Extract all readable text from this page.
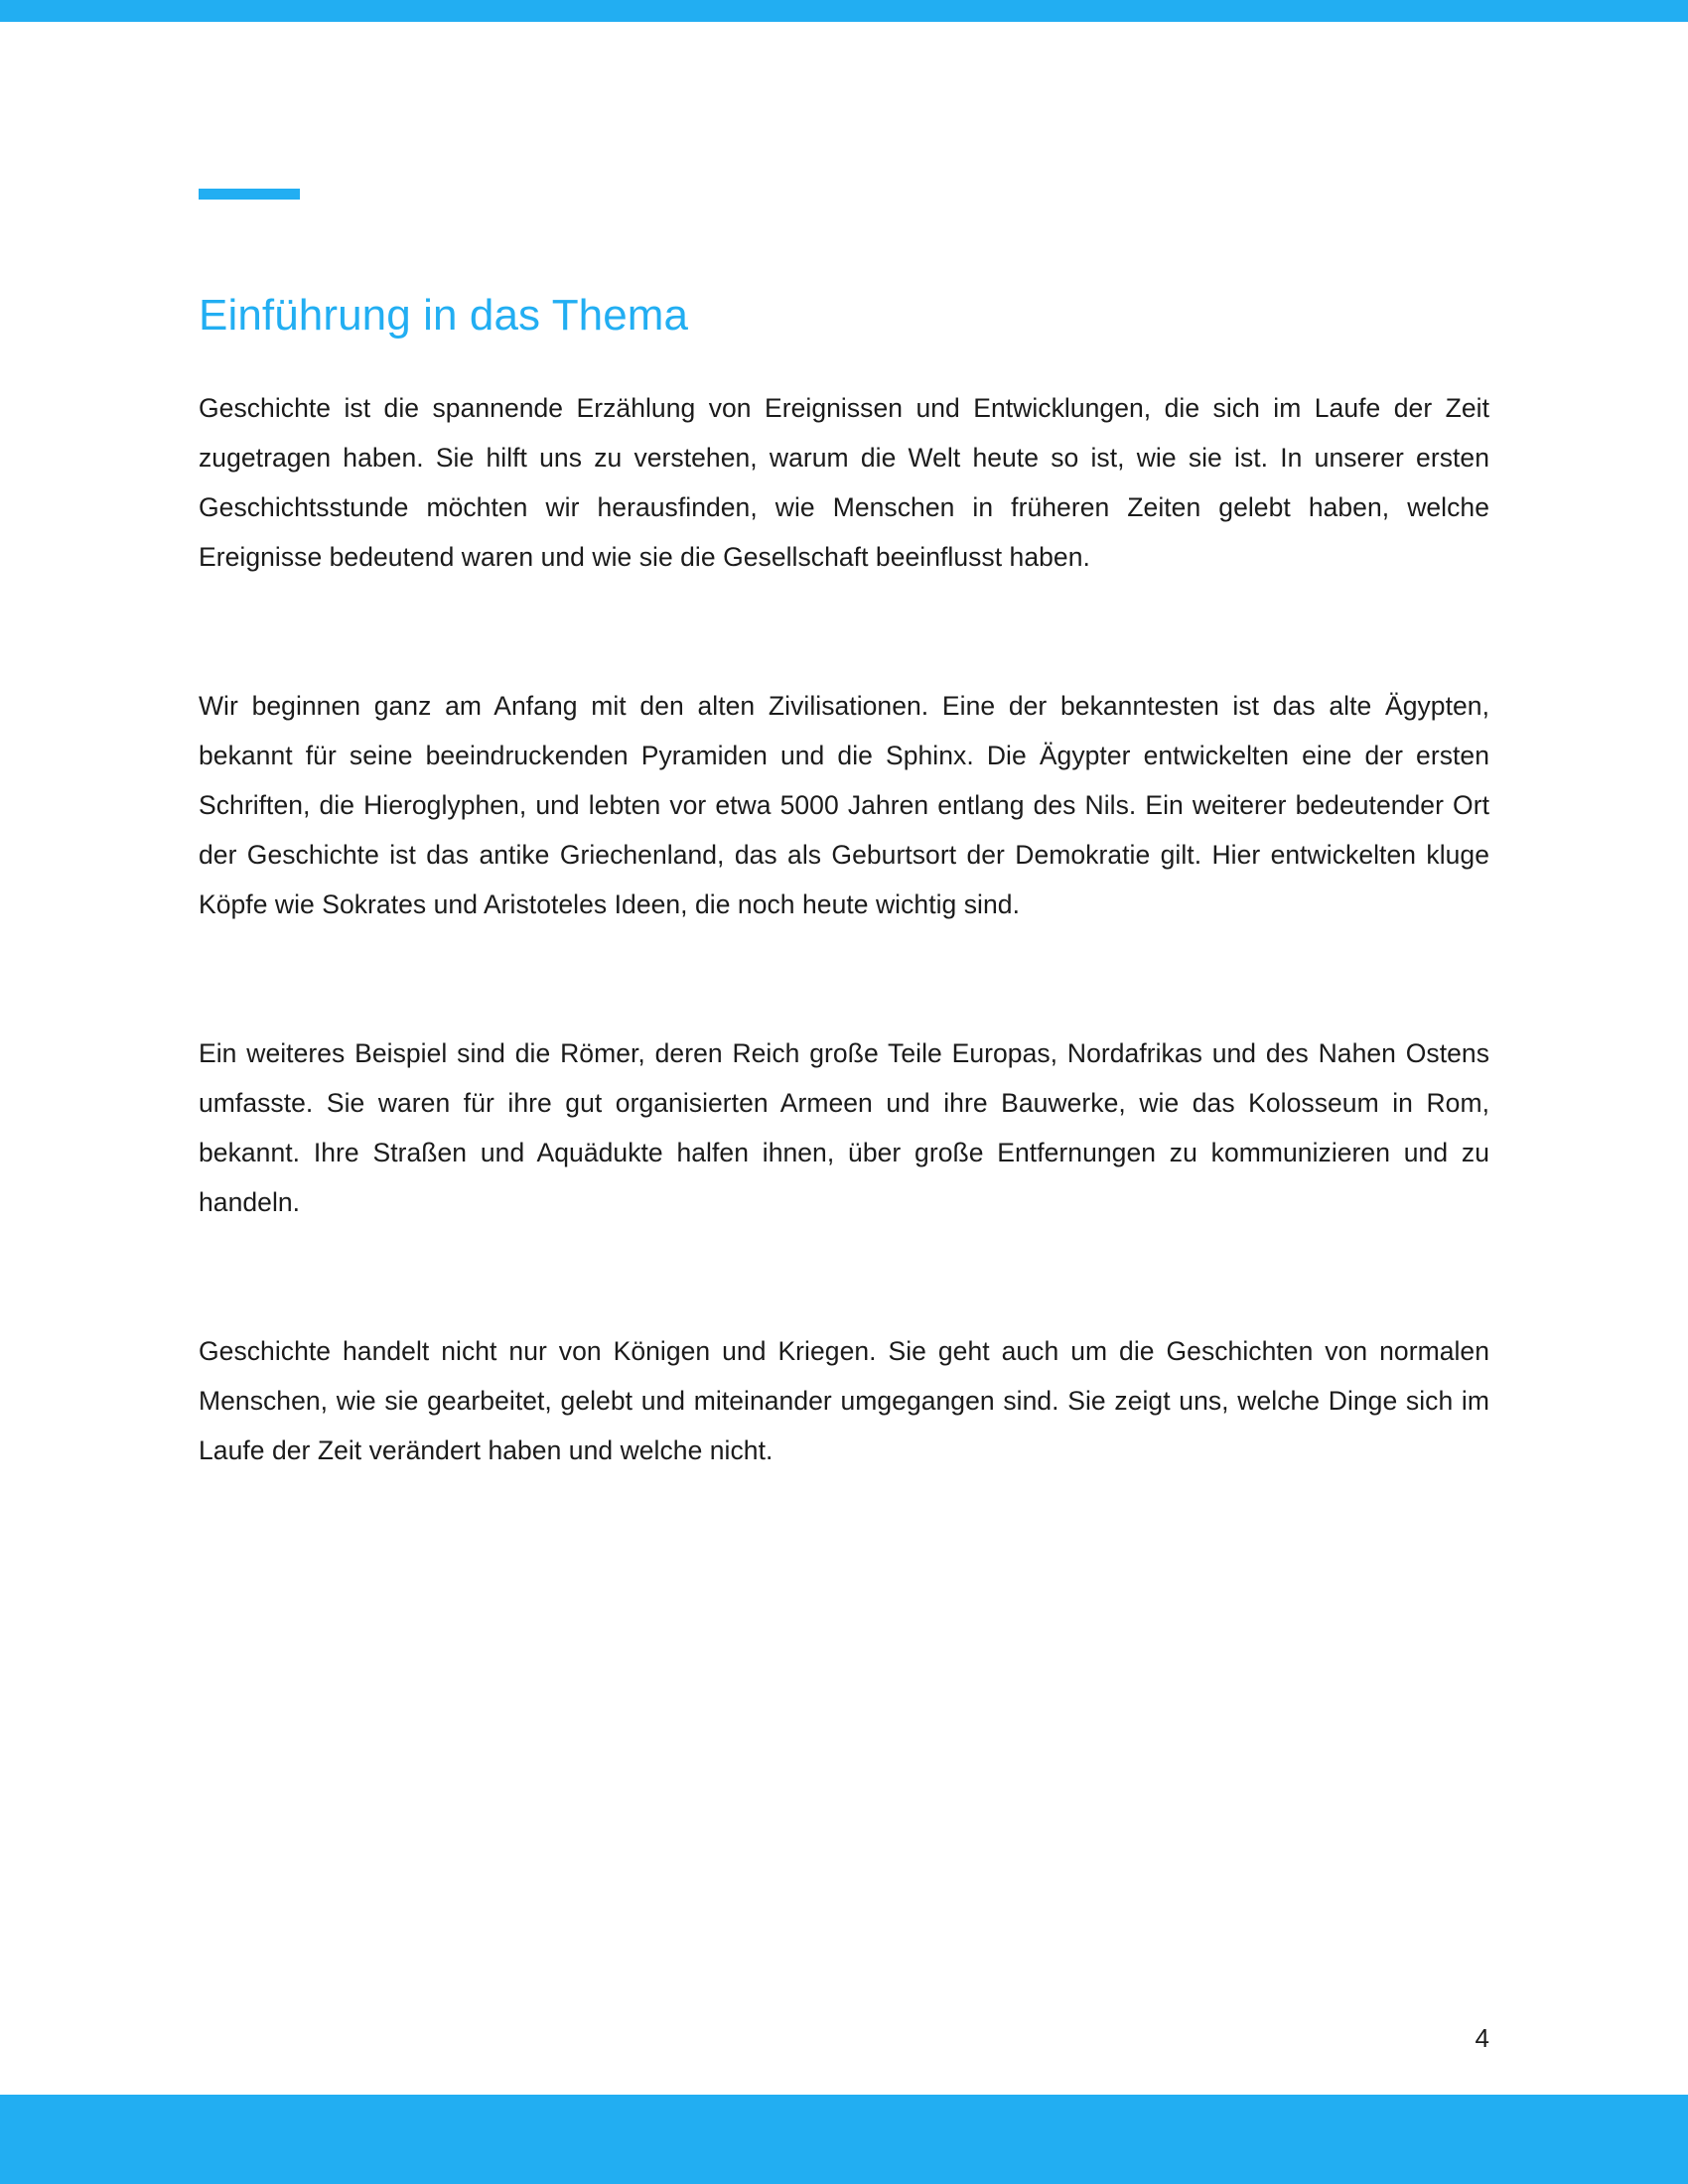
Einführung in das Thema

Geschichte ist die spannende Erzählung von Ereignissen und Entwicklungen, die sich im Laufe der Zeit zugetragen haben. Sie hilft uns zu verstehen, warum die Welt heute so ist, wie sie ist. In unserer ersten Geschichtsstunde möchten wir herausfinden, wie Menschen in früheren Zeiten gelebt haben, welche Ereignisse bedeutend waren und wie sie die Gesellschaft beeinflusst haben.

Wir beginnen ganz am Anfang mit den alten Zivilisationen. Eine der bekanntesten ist das alte Ägypten, bekannt für seine beeindruckenden Pyramiden und die Sphinx. Die Ägypter entwickelten eine der ersten Schriften, die Hieroglyphen, und lebten vor etwa 5000 Jahren entlang des Nils. Ein weiterer bedeutender Ort der Geschichte ist das antike Griechenland, das als Geburtsort der Demokratie gilt. Hier entwickelten kluge Köpfe wie Sokrates und Aristoteles Ideen, die noch heute wichtig sind.

Ein weiteres Beispiel sind die Römer, deren Reich große Teile Europas, Nordafrikas und des Nahen Ostens umfasste. Sie waren für ihre gut organisierten Armeen und ihre Bauwerke, wie das Kolosseum in Rom, bekannt. Ihre Straßen und Aquädukte halfen ihnen, über große Entfernungen zu kommunizieren und zu handeln.

Geschichte handelt nicht nur von Königen und Kriegen. Sie geht auch um die Geschichten von normalen Menschen, wie sie gearbeitet, gelebt und miteinander umgegangen sind. Sie zeigt uns, welche Dinge sich im Laufe der Zeit verändert haben und welche nicht.

4
